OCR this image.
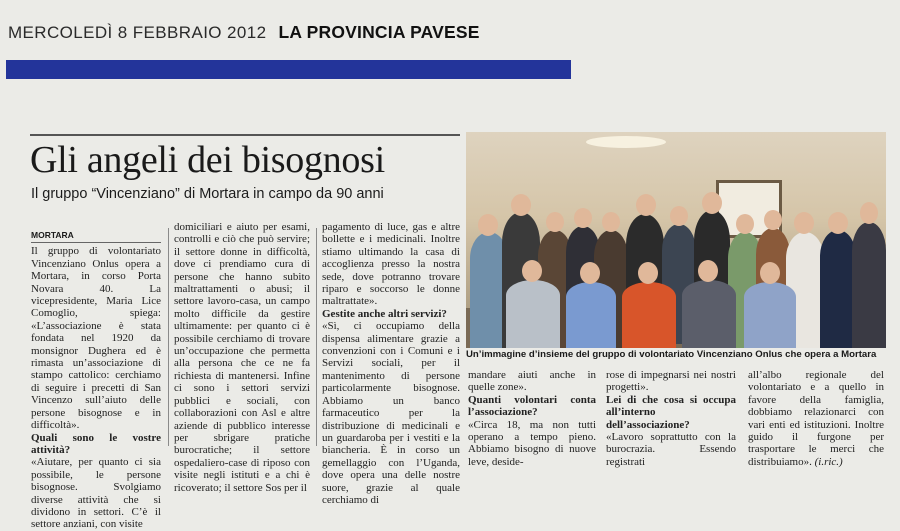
MERCOLEDÌ 8 FEBBRAIO 2012 LA PROVINCIA PAVESE
Gli angeli dei bisognosi
Il gruppo “Vincenziano” di Mortara in campo da 90 anni
Un’immagine d’insieme del gruppo di volontariato Vincenziano Onlus che opera a Mortara
MORTARA

Il gruppo di volontariato Vincenziano Onlus opera a Mortara, in corso Porta Novara 40. La vicepresidente, Maria Lice Comoglio, spiega: «L’associazione è stata fondata nel 1920 da monsignor Dughera ed è rimasta un’associazione di stampo cattolico: cerchiamo di seguire i precetti di San Vincenzo sull’aiuto delle persone bisognose e in difficoltà».

Quali sono le vostre attività?

«Aiutare, per quanto ci sia possibile, le persone bisognose. Svolgiamo diverse attività che si dividono in settori. C’è il settore anziani, con visite

domiciliari e aiuto per esami, controlli e ciò che può servire; il settore donne in difficoltà, dove ci prendiamo cura di persone che hanno subito maltrattamenti o abusi; il settore lavoro-casa, un campo molto difficile da gestire ultimamente: per quanto ci è possibile cerchiamo di trovare un’occupazione che permetta alla persona che ce ne fa richiesta di mantenersi. Infine ci sono i settori servizi pubblici e sociali, con collaborazioni con Asl e altre aziende di pubblico interesse per sbrigare pratiche burocratiche; il settore ospedaliero-case di riposo con visite negli istituti e a chi è ricoverato; il settore Sos per il

pagamento di luce, gas e altre bollette e i medicinali. Inoltre stiamo ultimando la casa di accoglienza presso la nostra sede, dove potranno trovare riparo e soccorso le donne maltrattate».

Gestite anche altri servizi?

«Sì, ci occupiamo della dispensa alimentare grazie a convenzioni con i Comuni e i Servizi sociali, per il mantenimento di persone particolarmente bisognose. Abbiamo un banco farmaceutico per la distribuzione di medicinali e un guardaroba per i vestiti e la biancheria. È in corso un gemellaggio con l’Uganda, dove opera una delle nostre suore, grazie al quale cerchiamo di

mandare aiuti anche in quelle zone».

Quanti volontari conta l’associazione?

«Circa 18, ma non tutti operano a tempo pieno. Abbiamo bisogno di nuove leve, deside-

rose di impegnarsi nei nostri progetti».

Lei di che cosa si occupa all’interno dell’associazione?

«Lavoro soprattutto con la burocrazia. Essendo registrati

all’albo regionale del volontariato e a quello in favore della famiglia, dobbiamo relazionarci con vari enti ed istituzioni. Inoltre guido il furgone per trasportare le merci che distribuiamo». (i.ric.)
